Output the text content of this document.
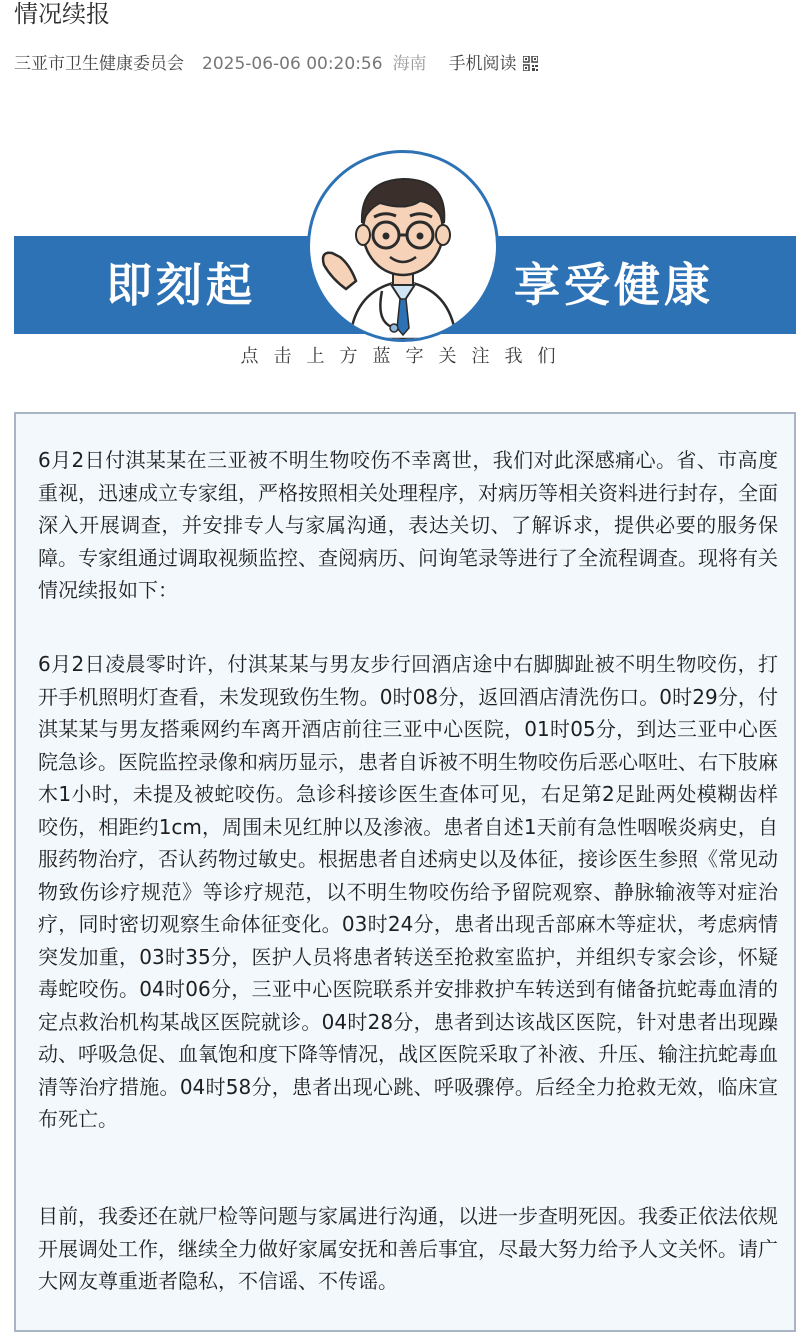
情况续报
三亚市卫生健康委员会 2025-06-06 00:20:56 海南 手机阅读
即刻起	享受健康
点击上方蓝字关注我们

6月2日付淇某某在三亚被不明生物咬伤不幸离世，我们对此深感痛心。省、市高度重视，迅速成立专家组，严格按照相关处理程序，对病历等相关资料进行封存，全面深入开展调查，并安排专人与家属沟通，表达关切、了解诉求，提供必要的服务保障。专家组通过调取视频监控、查阅病历、问询笔录等进行了全流程调查。现将有关情况续报如下：

6月2日凌晨零时许，付淇某某与男友步行回酒店途中右脚脚趾被不明生物咬伤，打开手机照明灯查看，未发现致伤生物。0时08分，返回酒店清洗伤口。0时29分，付淇某某与男友搭乘网约车离开酒店前往三亚中心医院，01时05分，到达三亚中心医院急诊。医院监控录像和病历显示，患者自诉被不明生物咬伤后恶心呕吐、右下肢麻木1小时，未提及被蛇咬伤。急诊科接诊医生查体可见，右足第2足趾两处模糊齿样咬伤，相距约1cm，周围未见红肿以及渗液。患者自述1天前有急性咽喉炎病史，自服药物治疗，否认药物过敏史。根据患者自述病史以及体征，接诊医生参照《常见动物致伤诊疗规范》等诊疗规范，以不明生物咬伤给予留院观察、静脉输液等对症治疗，同时密切观察生命体征变化。03时24分，患者出现舌部麻木等症状，考虑病情突发加重，03时35分，医护人员将患者转送至抢救室监护，并组织专家会诊，怀疑毒蛇咬伤。04时06分，三亚中心医院联系并安排救护车转送到有储备抗蛇毒血清的定点救治机构某战区医院就诊。04时28分，患者到达该战区医院，针对患者出现躁动、呼吸急促、血氧饱和度下降等情况，战区医院采取了补液、升压、输注抗蛇毒血清等治疗措施。04时58分，患者出现心跳、呼吸骤停。后经全力抢救无效，临床宣布死亡。

目前，我委还在就尸检等问题与家属进行沟通，以进一步查明死因。我委正依法依规开展调处工作，继续全力做好家属安抚和善后事宜，尽最大努力给予人文关怀。请广大网友尊重逝者隐私，不信谣、不传谣。
